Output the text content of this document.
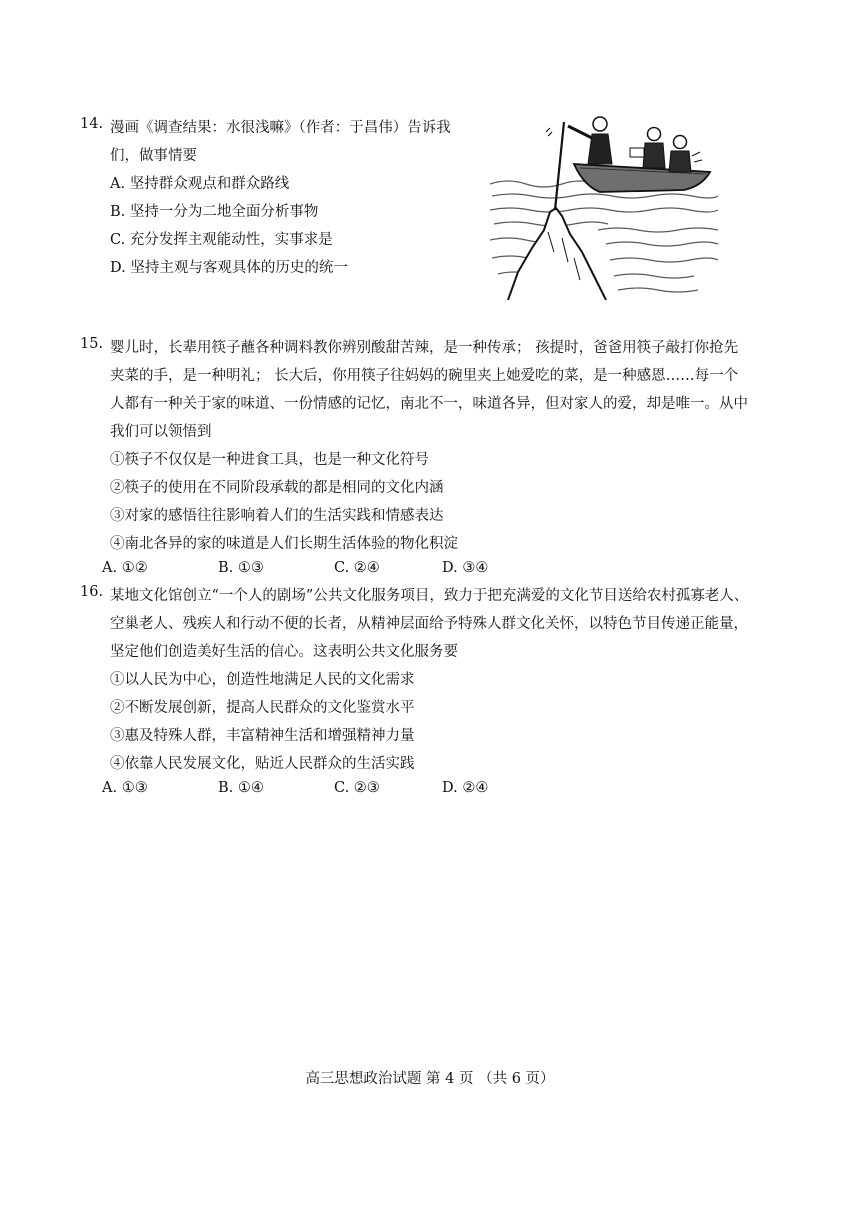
14. 漫画《调查结果：水很浅嘛》（作者：于昌伟）告诉我
们，做事情要
A. 坚持群众观点和群众路线
B. 坚持一分为二地全面分析事物
C. 充分发挥主观能动性，实事求是
D. 坚持主观与客观具体的历史的统一
15. 婴儿时，长辈用筷子蘸各种调料教你辨别酸甜苦辣，是一种传承； 孩提时，爸爸用筷子敲打你抢先
夹菜的手，是一种明礼； 长大后，你用筷子往妈妈的碗里夹上她爱吃的菜，是一种感恩……每一个
人都有一种关于家的味道、一份情感的记忆，南北不一，味道各异，但对家人的爱，却是唯一。从中
我们可以领悟到
①筷子不仅仅是一种进食工具，也是一种文化符号
②筷子的使用在不同阶段承载的都是相同的文化内涵
③对家的感悟往往影响着人们的生活实践和情感表达
④南北各异的家的味道是人们长期生活体验的物化积淀
A. ①②	B. ①③	C. ②④	D. ③④
16. 某地文化馆创立“一个人的剧场”公共文化服务项目，致力于把充满爱的文化节目送给农村孤寡老人、
空巢老人、残疾人和行动不便的长者，从精神层面给予特殊人群文化关怀，以特色节目传递正能量，
坚定他们创造美好生活的信心。这表明公共文化服务要
①以人民为中心，创造性地满足人民的文化需求
②不断发展创新，提高人民群众的文化鉴赏水平
③惠及特殊人群，丰富精神生活和增强精神力量
④依靠人民发展文化，贴近人民群众的生活实践
A. ①③	B. ①④	C. ②③	D. ②④
高三思想政治试题 第 4 页 （共 6 页）
